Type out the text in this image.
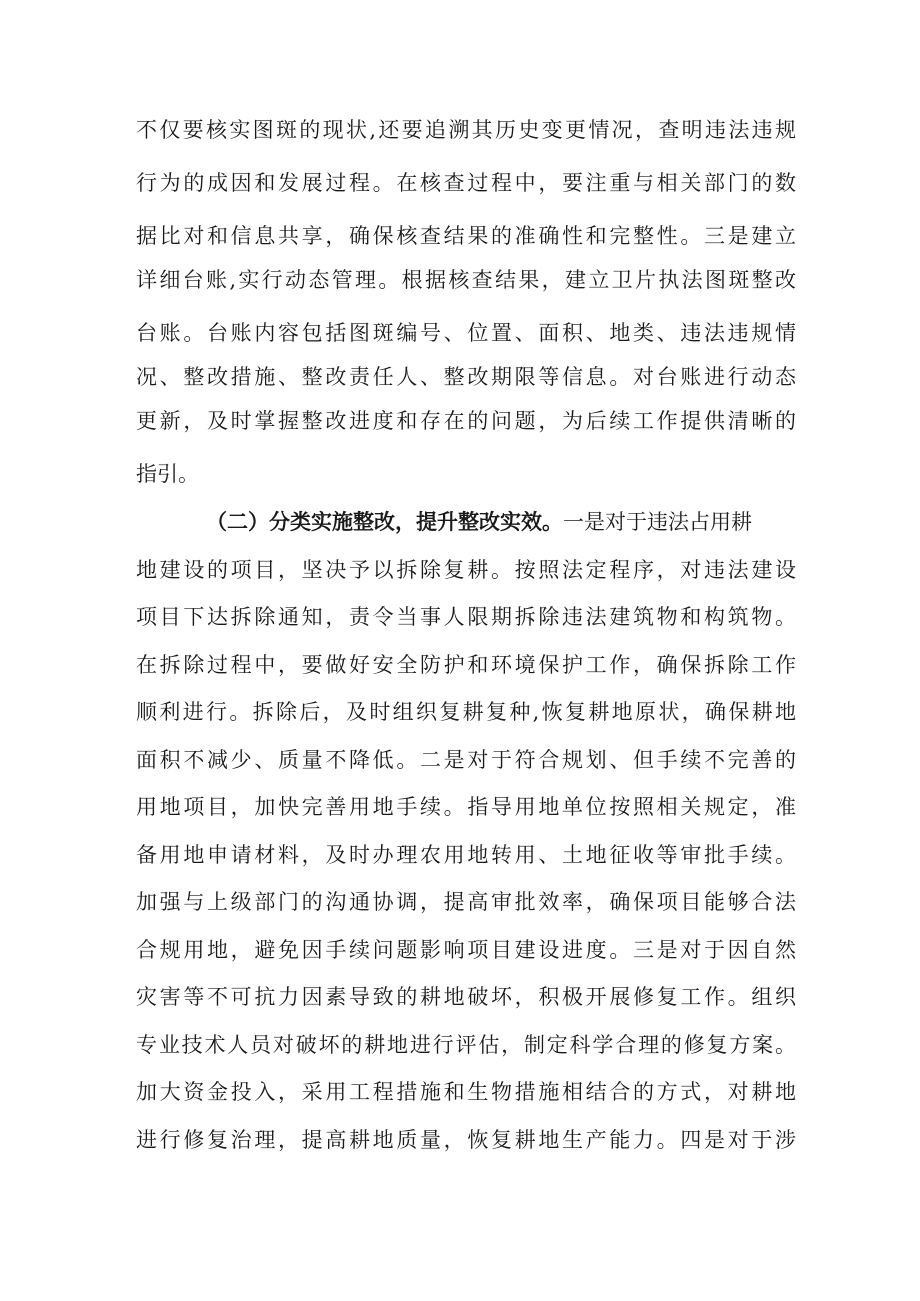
不仅要核实图斑的现状,还要追溯其历史变更情况，查明违法违规
行为的成因和发展过程。在核查过程中，要注重与相关部门的数
据比对和信息共享，确保核查结果的准确性和完整性。三是建立
详细台账,实行动态管理。根据核查结果，建立卫片执法图斑整改
台账。台账内容包括图斑编号、位置、面积、地类、违法违规情
况、整改措施、整改责任人、整改期限等信息。对台账进行动态
更新，及时掌握整改进度和存在的问题，为后续工作提供清晰的
指引。
（二）分类实施整改，提升整改实效。一是对于违法占用耕
地建设的项目，坚决予以拆除复耕。按照法定程序，对违法建设
项目下达拆除通知，责令当事人限期拆除违法建筑物和构筑物。
在拆除过程中，要做好安全防护和环境保护工作，确保拆除工作
顺利进行。拆除后，及时组织复耕复种,恢复耕地原状，确保耕地
面积不减少、质量不降低。二是对于符合规划、但手续不完善的
用地项目，加快完善用地手续。指导用地单位按照相关规定，准
备用地申请材料，及时办理农用地转用、土地征收等审批手续。
加强与上级部门的沟通协调，提高审批效率，确保项目能够合法
合规用地，避免因手续问题影响项目建设进度。三是对于因自然
灾害等不可抗力因素导致的耕地破坏，积极开展修复工作。组织
专业技术人员对破坏的耕地进行评估，制定科学合理的修复方案。
加大资金投入，采用工程措施和生物措施相结合的方式，对耕地
进行修复治理，提高耕地质量，恢复耕地生产能力。四是对于涉
